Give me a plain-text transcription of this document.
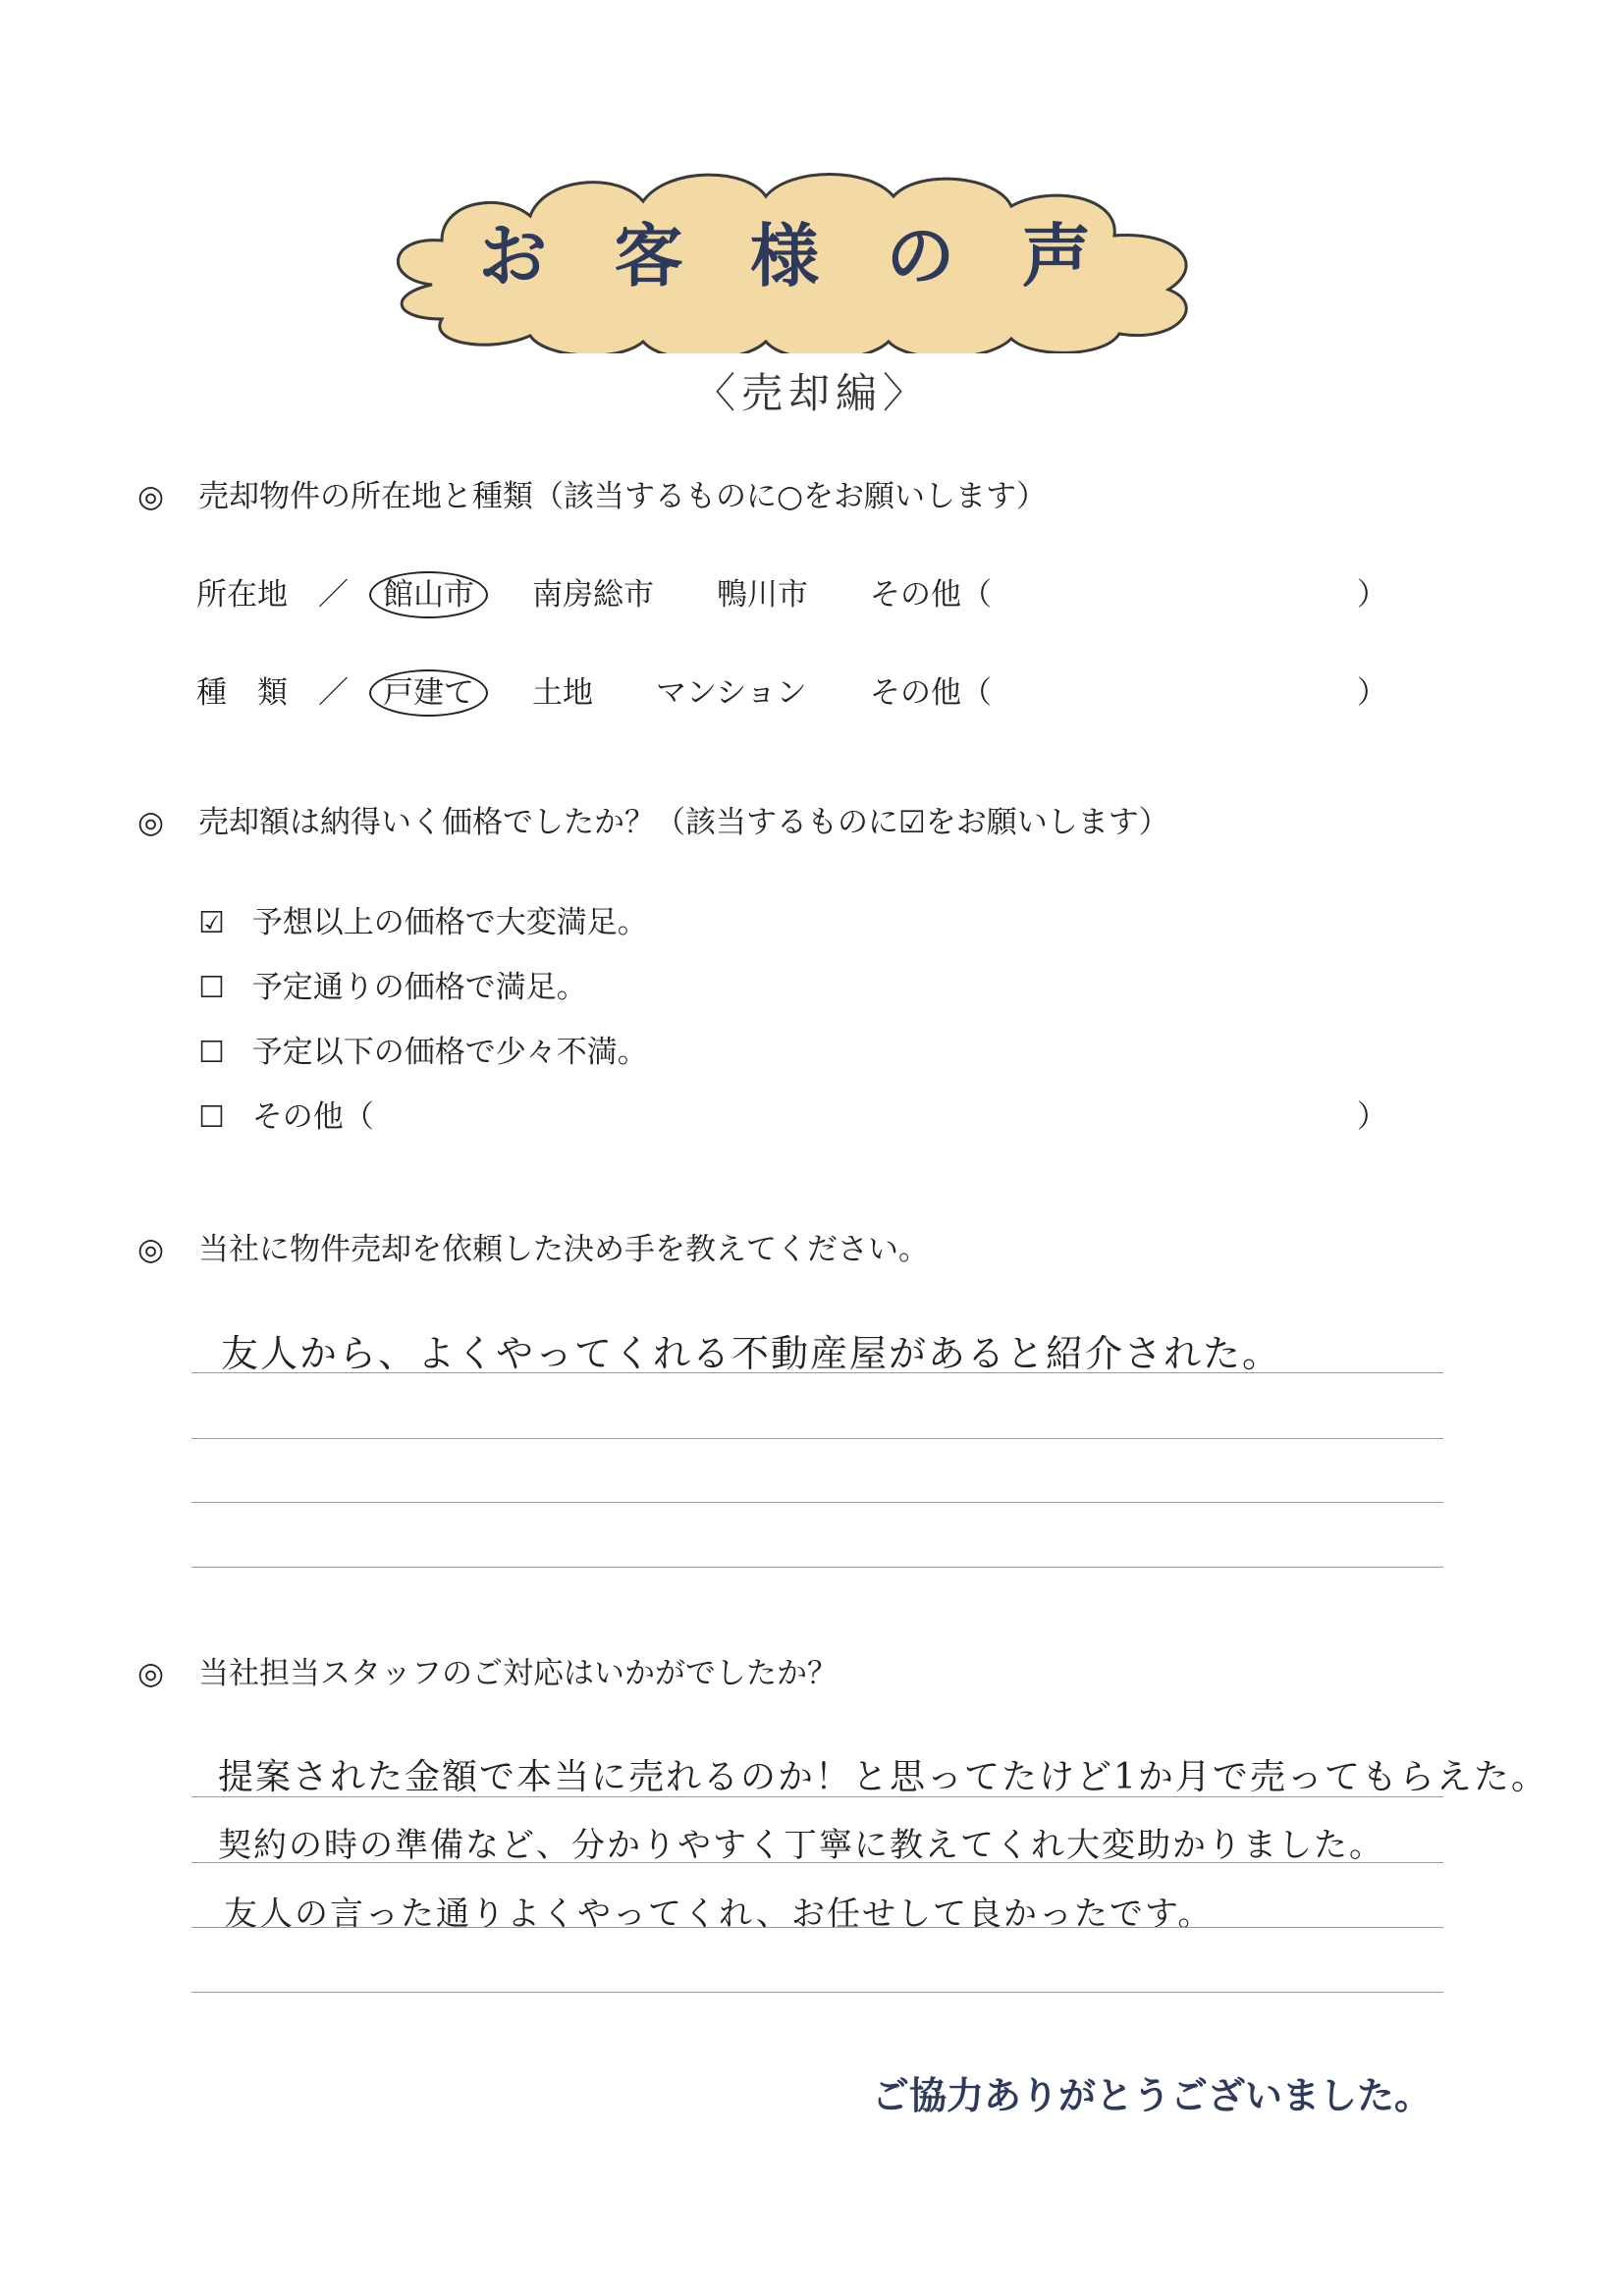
お 客 様 の 声
〈売却編〉
◎ 売却物件の所在地と種類（該当するものに○をお願いします）
所在地　／ 館山市	南房総市 鴨川市 その他（	）
種　類　／ 戸建て	土地 マンション その他（	）
◎ 売却額は納得いく価格でしたか？（該当するものに☑をお願いします）
☑ 予想以上の価格で大変満足。
☐ 予定通りの価格で満足。
☐ 予定以下の価格で少々不満。
☐ その他（	）
◎ 当社に物件売却を依頼した決め手を教えてください。
友人から、よくやってくれる不動産屋があると紹介された。
◎ 当社担当スタッフのご対応はいかがでしたか？
提案された金額で本当に売れるのか！と思ってたけど1か月で売ってもらえた。
契約の時の準備など、分かりやすく丁寧に教えてくれ大変助かりました。
友人の言った通りよくやってくれ、お任せして良かったです。
ご協力ありがとうございました。
